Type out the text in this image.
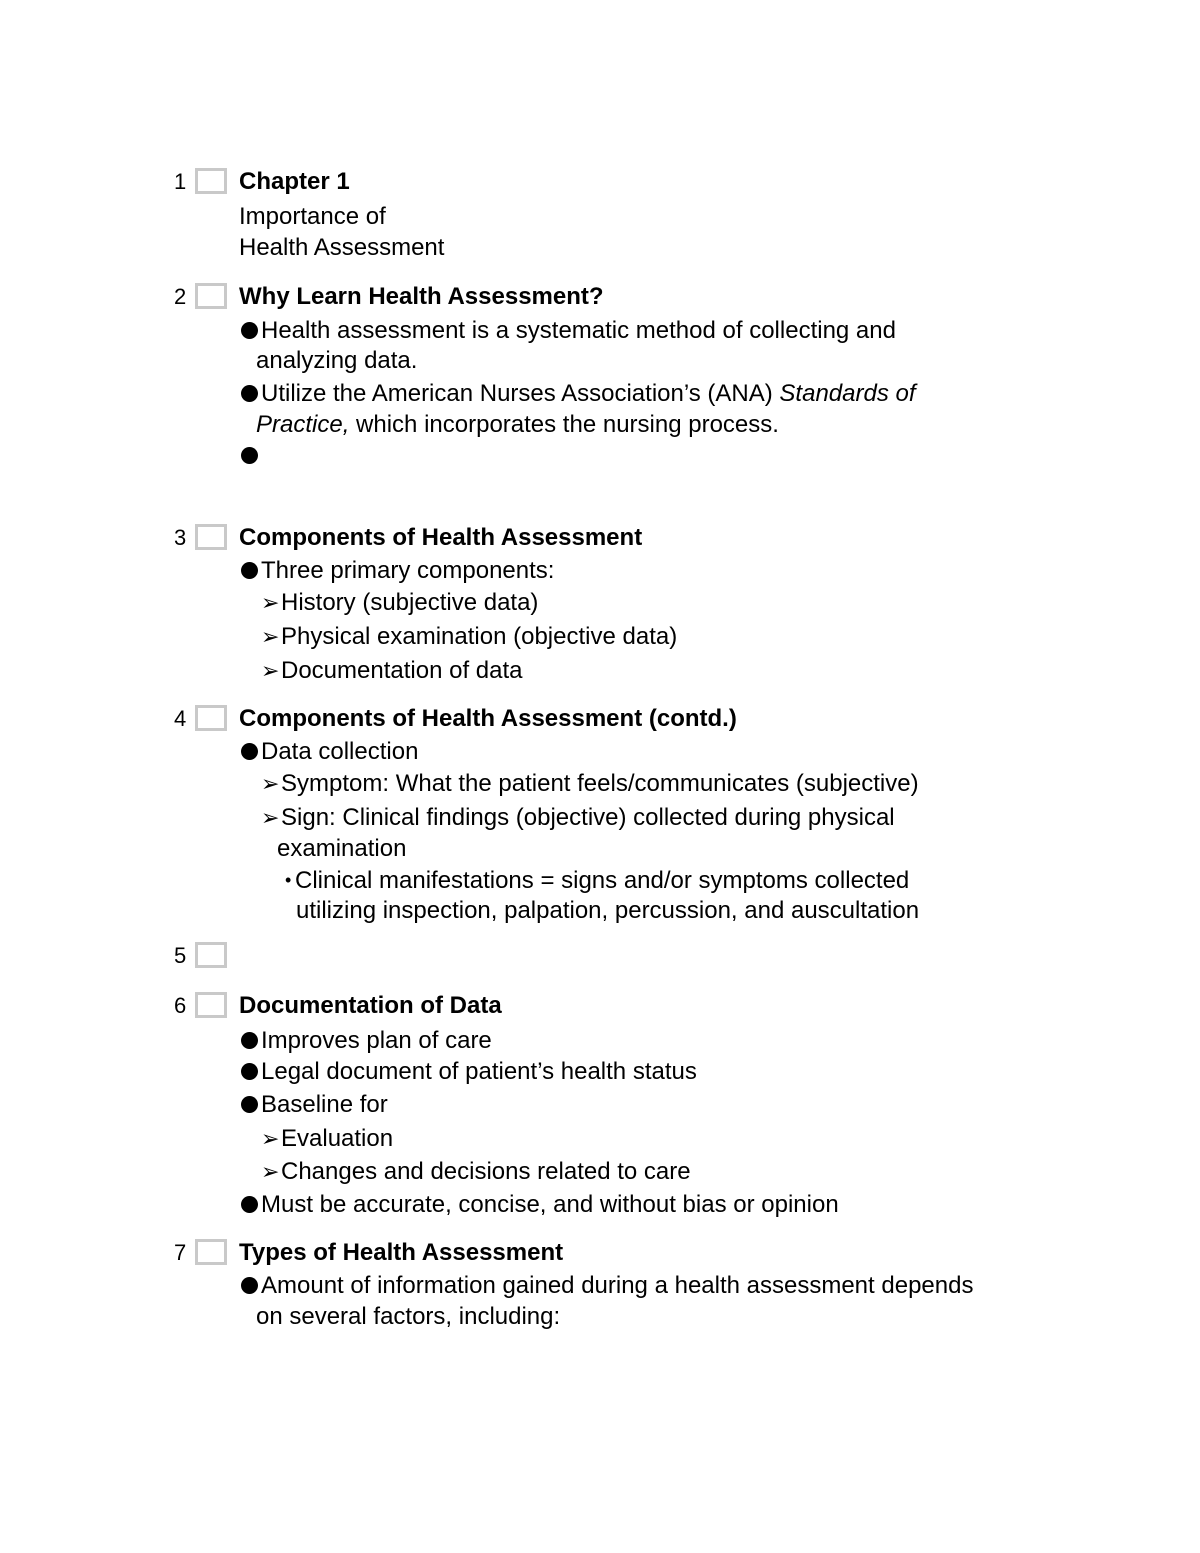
1 Chapter 1
Importance of
Health Assessment
2 Why Learn Health Assessment?
Health assessment is a systematic method of collecting and
analyzing data.
Utilize the American Nurses Association’s (ANA) Standards of
Practice, which incorporates the nursing process.
3 Components of Health Assessment
Three primary components:
➢History (subjective data)
➢Physical examination (objective data)
➢Documentation of data
4 Components of Health Assessment (contd.)
Data collection
➢Symptom: What the patient feels/communicates (subjective)
➢Sign: Clinical findings (objective) collected during physical
examination
• Clinical manifestations = signs and/or symptoms collected
utilizing inspection, palpation, percussion, and auscultation
5
6 Documentation of Data
Improves plan of care
Legal document of patient’s health status
Baseline for
➢Evaluation
➢Changes and decisions related to care
Must be accurate, concise, and without bias or opinion
7 Types of Health Assessment
Amount of information gained during a health assessment depends
on several factors, including:
